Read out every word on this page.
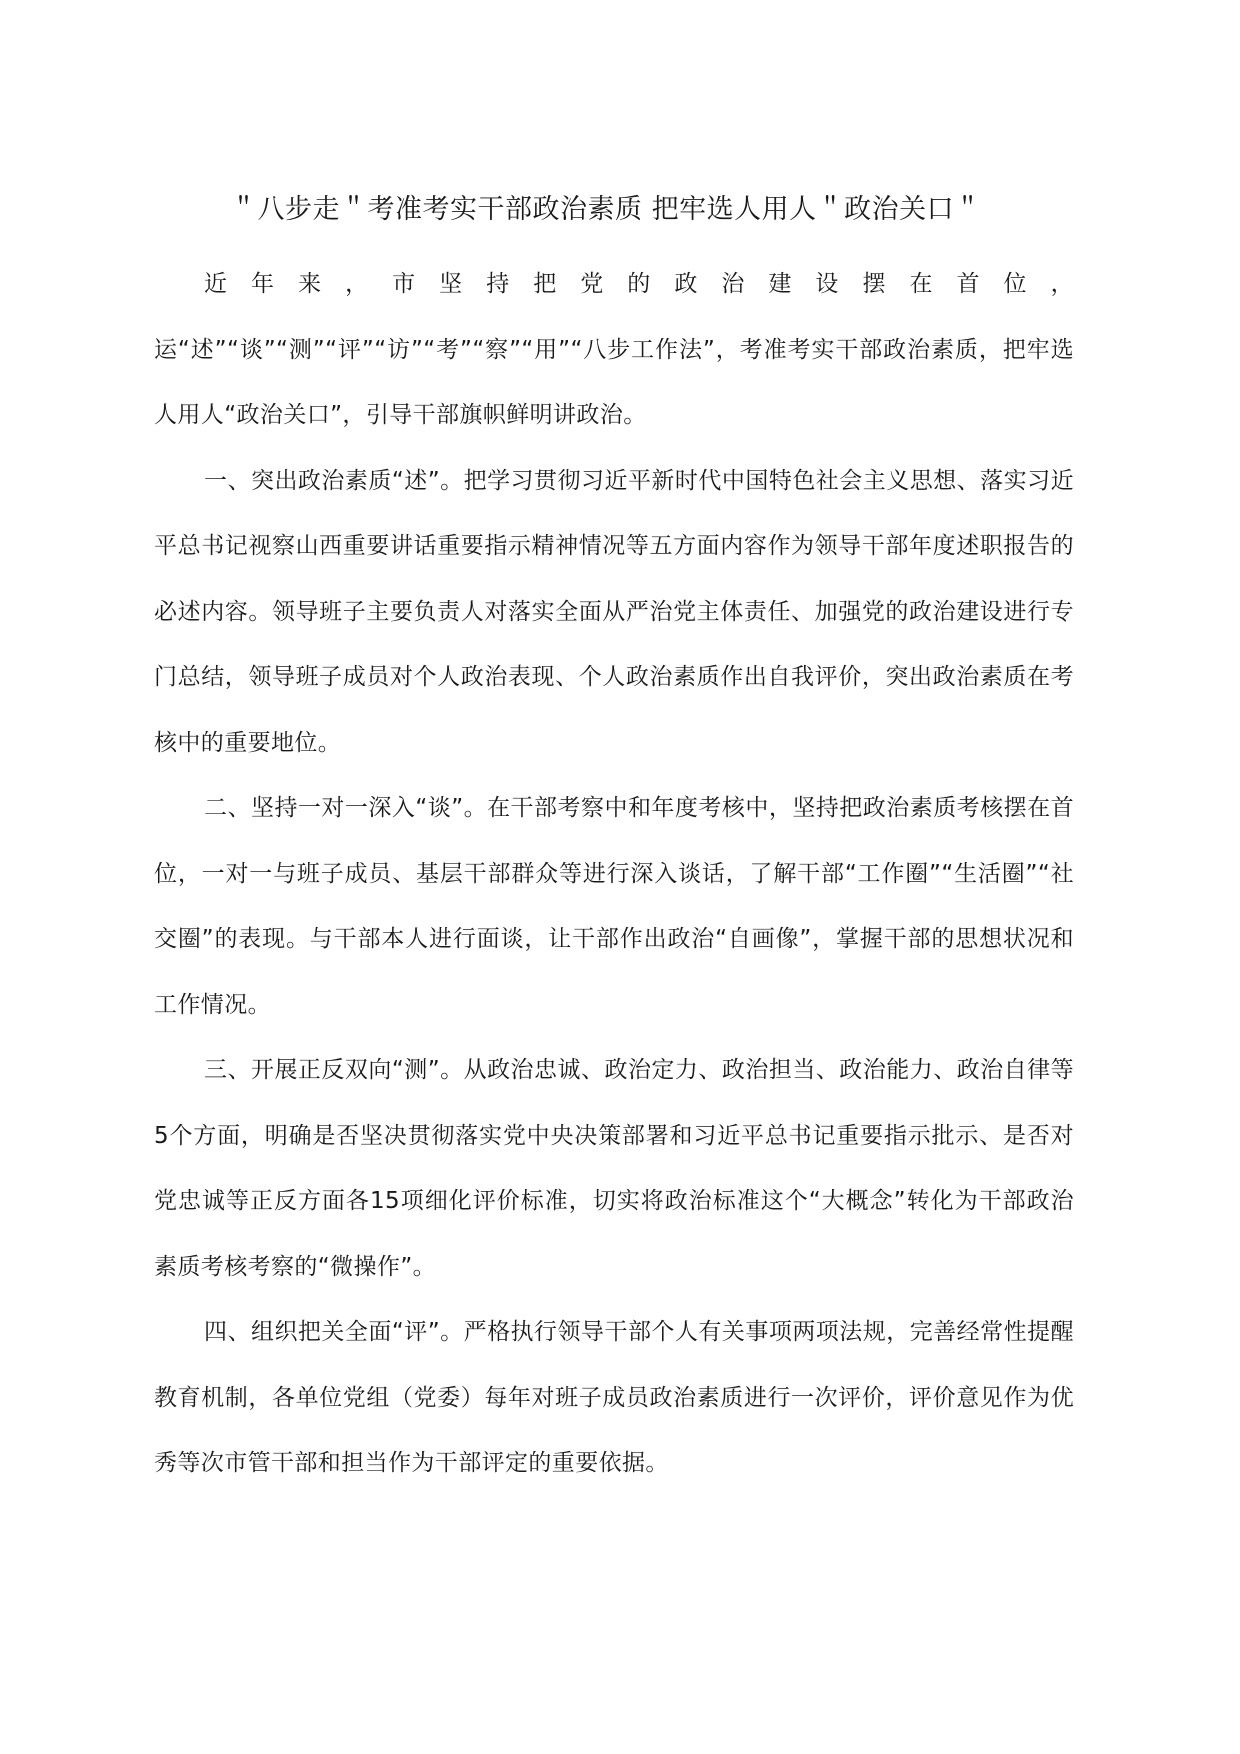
＂八步走＂考准考实干部政治素质 把牢选人用人＂政治关口＂

近年来，市坚持把党的政治建设摆在首位，运“述”“谈”“测”“评”“访”“考”“察”“用”“八步工作法”，考准考实干部政治素质，把牢选人用人“政治关口”，引导干部旗帜鲜明讲政治。

一、突出政治素质“述”。把学习贯彻习近平新时代中国特色社会主义思想、落实习近平总书记视察山西重要讲话重要指示精神情况等五方面内容作为领导干部年度述职报告的必述内容。领导班子主要负责人对落实全面从严治党主体责任、加强党的政治建设进行专门总结，领导班子成员对个人政治表现、个人政治素质作出自我评价，突出政治素质在考核中的重要地位。

二、坚持一对一深入“谈”。在干部考察中和年度考核中，坚持把政治素质考核摆在首位，一对一与班子成员、基层干部群众等进行深入谈话，了解干部“工作圈”“生活圈”“社交圈”的表现。与干部本人进行面谈，让干部作出政治“自画像”，掌握干部的思想状况和工作情况。

三、开展正反双向“测”。从政治忠诚、政治定力、政治担当、政治能力、政治自律等5个方面，明确是否坚决贯彻落实党中央决策部署和习近平总书记重要指示批示、是否对党忠诚等正反方面各15项细化评价标准，切实将政治标准这个“大概念”转化为干部政治素质考核考察的“微操作”。

四、组织把关全面“评”。严格执行领导干部个人有关事项两项法规，完善经常性提醒教育机制，各单位党组（党委）每年对班子成员政治素质进行一次评价，评价意见作为优秀等次市管干部和担当作为干部评定的重要依据。
